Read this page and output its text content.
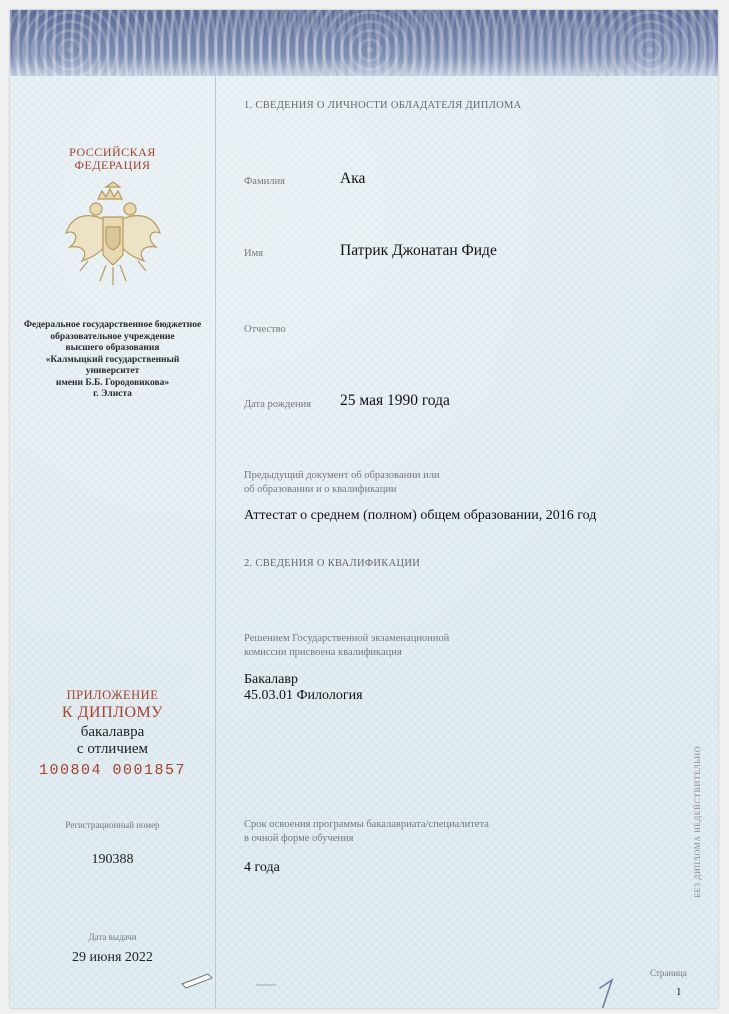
РОССИЙСКАЯ
ФЕДЕРАЦИЯ
Федеральное государственное бюджетное
образовательное учреждение
высшего образования
«Калмыцкий государственный университет
имени Б.Б. Городовикова»
г. Элиста
ПРИЛОЖЕНИЕ
К ДИПЛОМУ
бакалавра
с отличием
100804 0001857
Регистрационный номер
190388
Дата выдачи
29 июня 2022
1. СВЕДЕНИЯ О ЛИЧНОСТИ ОБЛАДАТЕЛЯ ДИПЛОМА
Фамилия	Ака
Имя	Патрик Джонатан Фиде
Отчество
Дата рождения 25 мая 1990 года
Предыдущий документ об образовании или
об образовании и о квалификации
Аттестат о среднем (полном) общем образовании, 2016 год
2. СВЕДЕНИЯ О КВАЛИФИКАЦИИ
Решением Государственной экзаменационной
комиссии присвоена квалификация
Бакалавр
45.03.01 Филология
Срок освоения программы бакалавриата/специалитета
в очной форме обучения
4 года	БЕЗ ДИПЛОМА НЕДЕЙСТВИТЕЛЬНО
Страница
1
